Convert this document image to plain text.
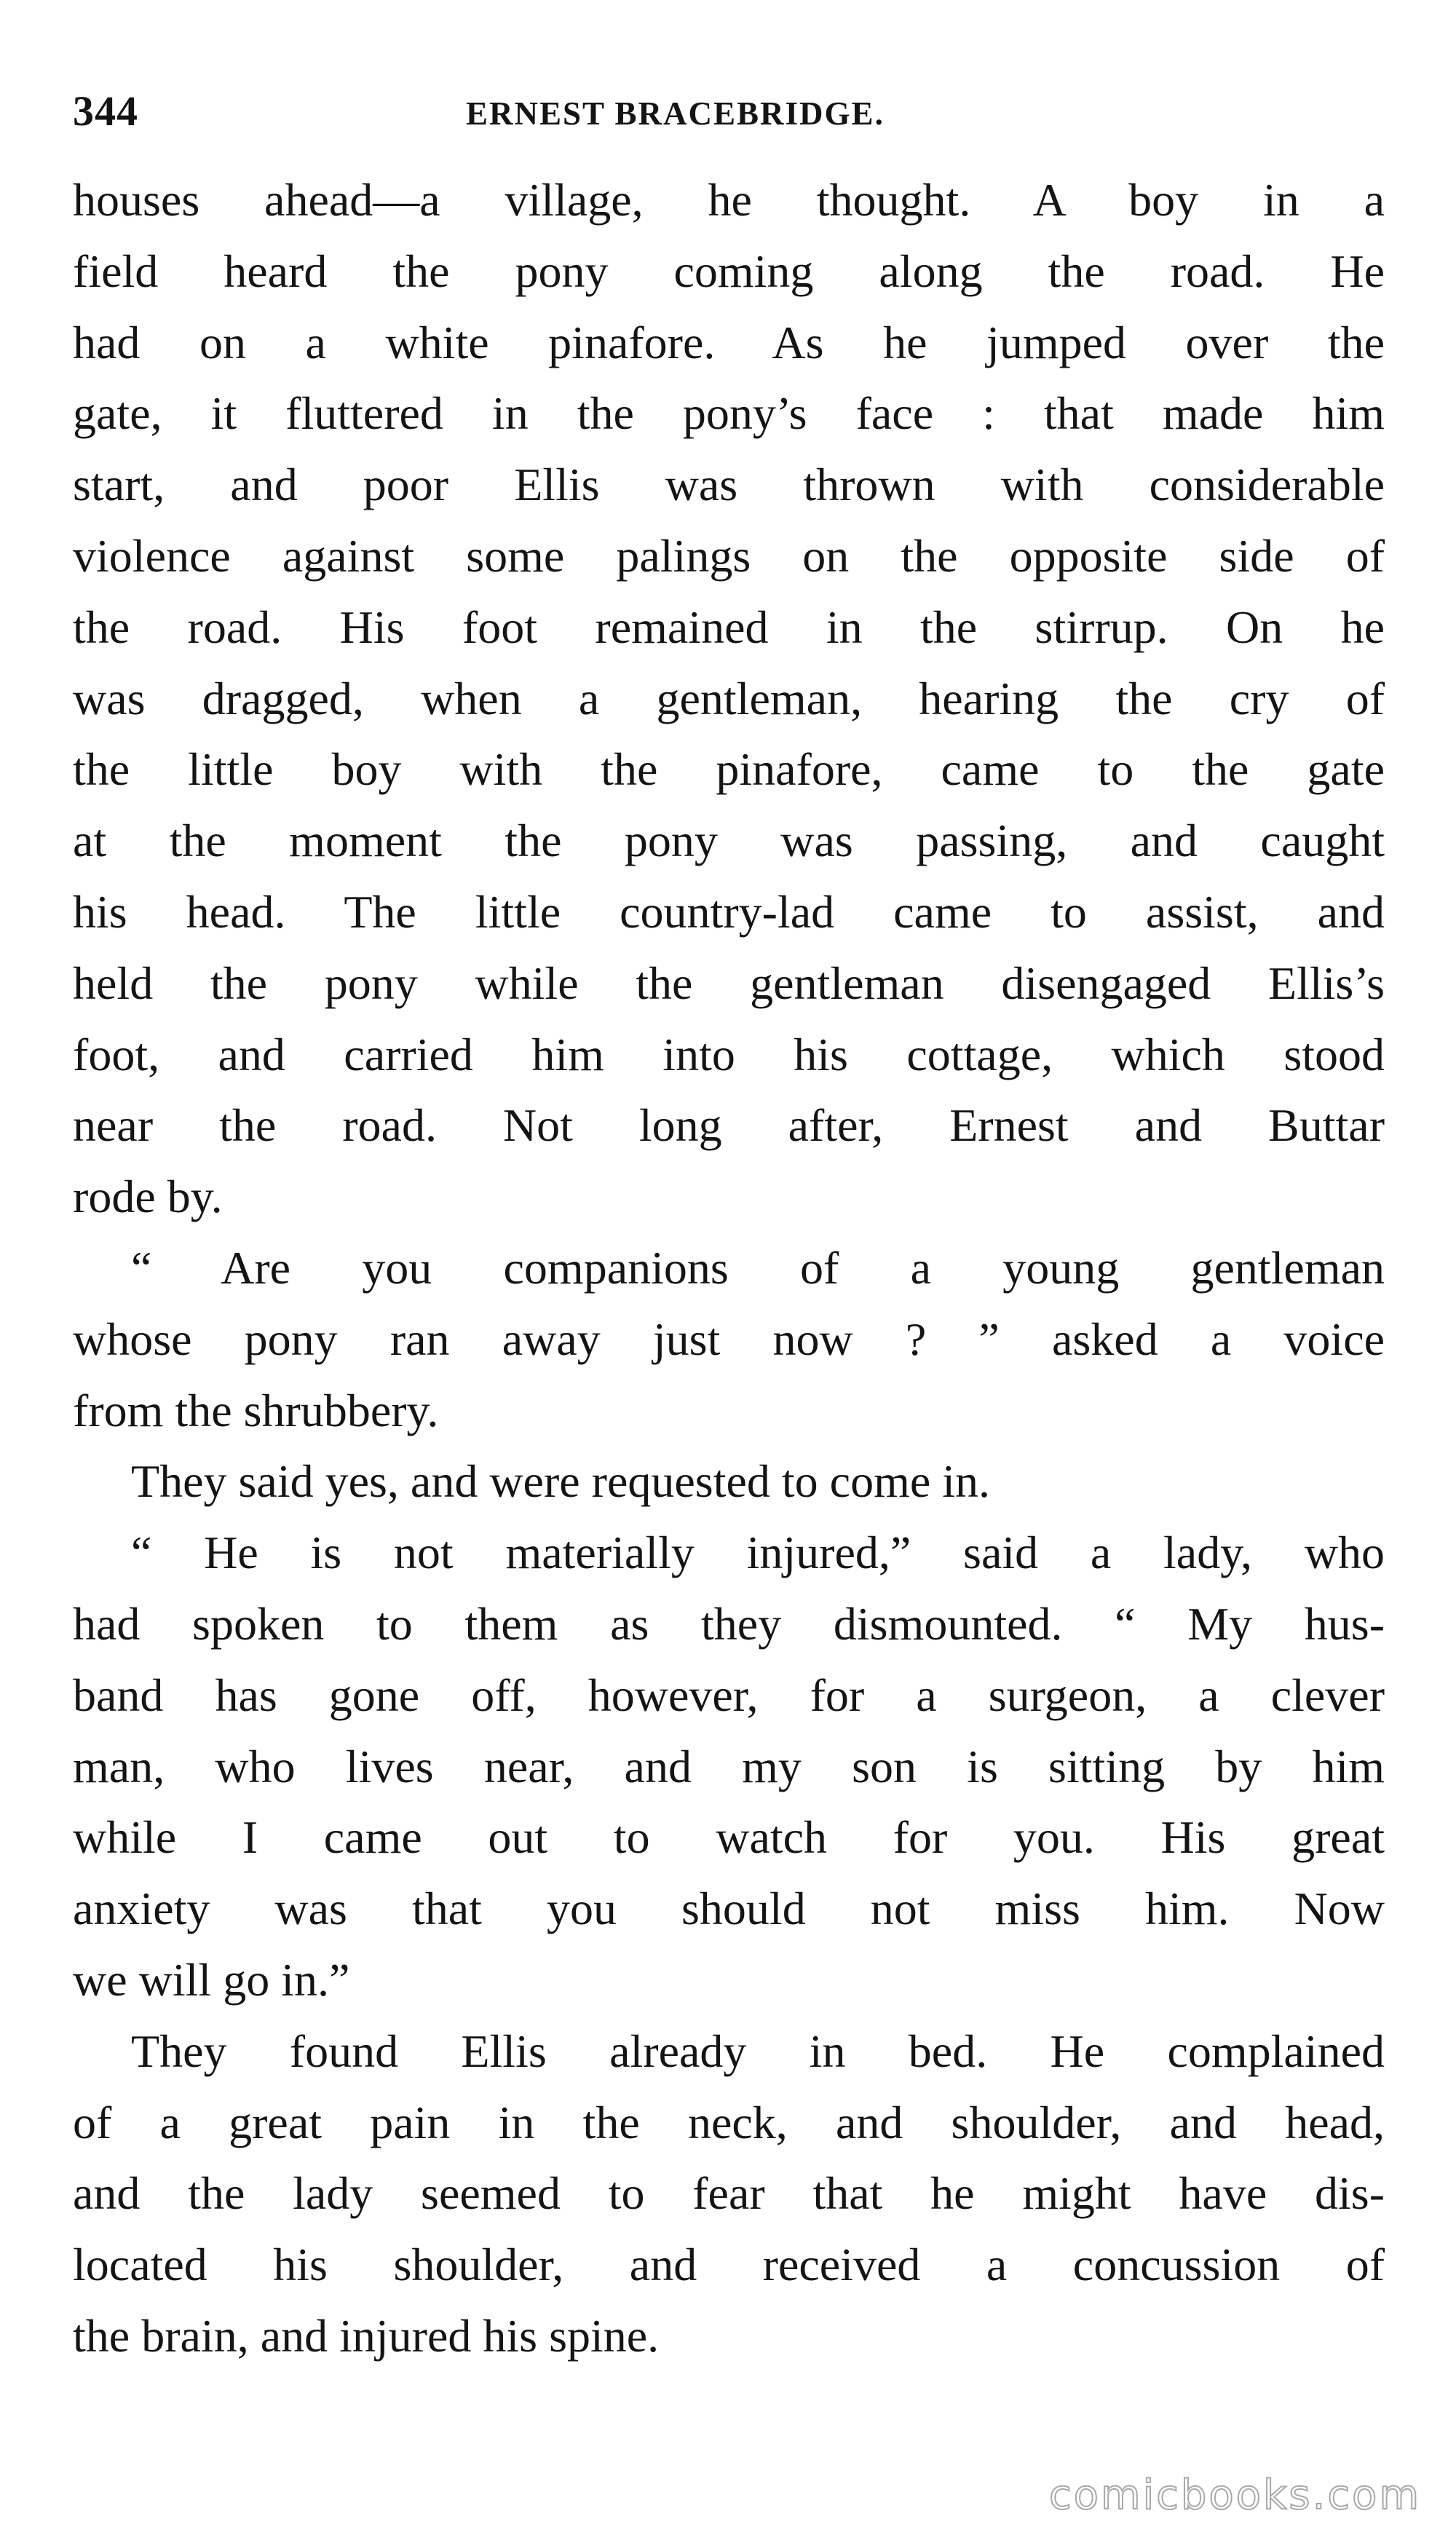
344	ERNEST BRACEBRIDGE.
houses ahead—a village, he thought. A boy in a
field heard the pony coming along the road. He
had on a white pinafore. As he jumped over the
gate, it fluttered in the pony’s face : that made him
start, and poor Ellis was thrown with considerable
violence against some palings on the opposite side of
the road. His foot remained in the stirrup. On he
was dragged, when a gentleman, hearing the cry of
the little boy with the pinafore, came to the gate
at the moment the pony was passing, and caught
his head. The little country-lad came to assist, and
held the pony while the gentleman disengaged Ellis’s
foot, and carried him into his cottage, which stood
near the road. Not long after, Ernest and Buttar
rode by.
“ Are you companions of a young gentleman
whose pony ran away just now ? ” asked a voice
from the shrubbery.
They said yes, and were requested to come in.
“ He is not materially injured,” said a lady, who
had spoken to them as they dismounted. “ My hus-
band has gone off, however, for a surgeon, a clever
man, who lives near, and my son is sitting by him
while I came out to watch for you. His great
anxiety was that you should not miss him. Now
we will go in.”
They found Ellis already in bed. He complained
of a great pain in the neck, and shoulder, and head,
and the lady seemed to fear that he might have dis-
located his shoulder, and received a concussion of
the brain, and injured his spine.
comicbooks.com
